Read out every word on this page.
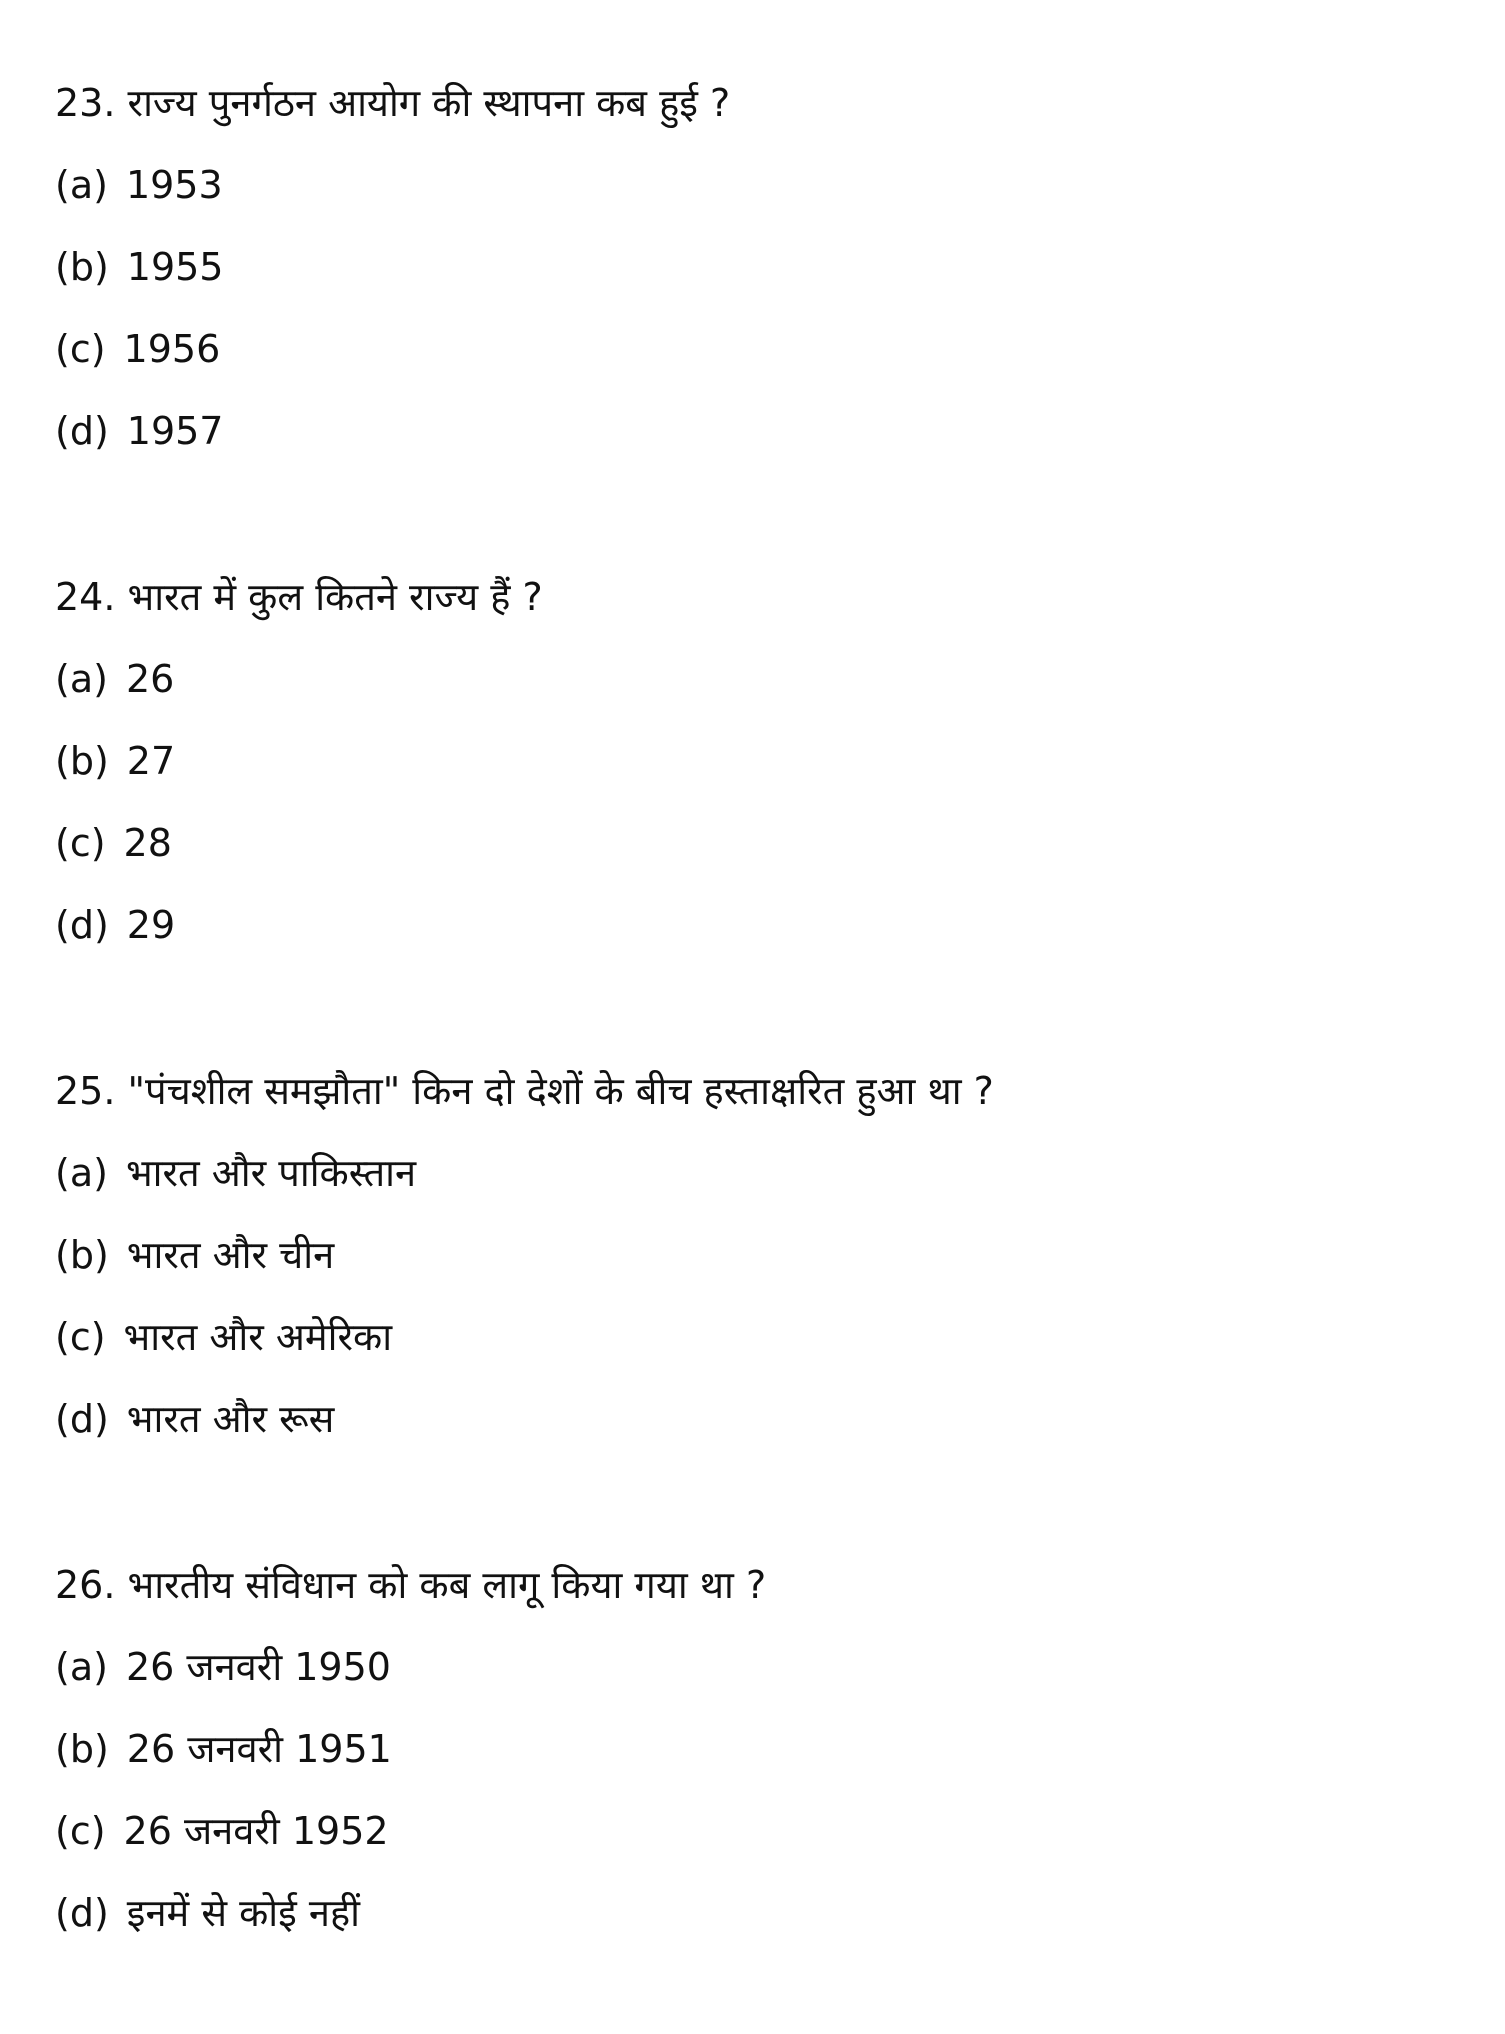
23. राज्य पुनर्गठन आयोग की स्थापना कब हुई ?
(a) 1953
(b) 1955
(c) 1956
(d) 1957
24. भारत में कुल कितने राज्य हैं ?
(a) 26
(b) 27
(c) 28
(d) 29
25. "पंचशील समझौता" किन दो देशों के बीच हस्ताक्षरित हुआ था ?
(a) भारत और पाकिस्तान
(b) भारत और चीन
(c) भारत और अमेरिका
(d) भारत और रूस
26. भारतीय संविधान को कब लागू किया गया था ?
(a) 26 जनवरी 1950
(b) 26 जनवरी 1951
(c) 26 जनवरी 1952
(d) इनमें से कोई नहीं
